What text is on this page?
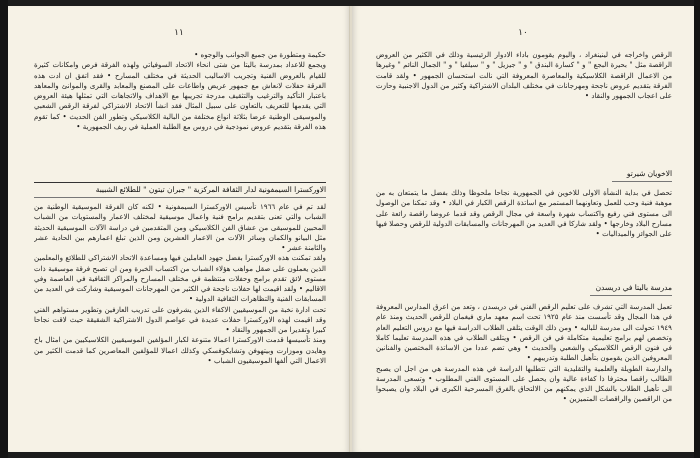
١١

حكيمة ومتطورة من جميع الجوانب والوجوه •

ويجمع للاعداد بمدرسة باليتا من شتى انحاء الاتحاد السوفياتي ولهذه الفرقة فرص وامكانات كثيرة للقيام بالعروض الفنية وتجريب الاساليب الحديثة في مختلف المسارح • فقد اتفق ان ادت هذه الفرقة حفلات لانعاش مع جمهور عريض واطاعات على المصنع والمعابد والقرى والموانئ والمعاهد باعتبار التأكيد والترغيب والتثقيف مدرجة تجريبها مع الاهداف والاتجاهات التي تمثلها هيئة العروض التي يقدمها للتعريف بالتعاون على سبيل المثال فقد انشأ الاتحاد الاشتراكي لفرقة الرقص الشعبي والموسيقى الوطنية عرضا بثلاثة انواع مختلفة من البالية الكلاسيكي وتطور الفن الحديث • كما تقوم هذه الفرقة بتقديم عروض نموذجية في دروس مع الطلبة العملية في ريف الجمهورية •

الاوركسترا السيمفونية لدار الثقافة المركزية " جبران تيتون " للطلائع الشبيبة

لقد تم في عام ١٩٦٦ تأسيس الاوركسترا السيمفونية • لكنه كان الفرقة الموسيقية الوطنية من الشباب والتي تعنى بتقديم برامج فنية واعمال موسيقية لمختلف الاعمار والمستويات من الشباب المحبين للموسيقى من عشاق الفن الكلاسيكي ومن المتقدمين في دراسة الآلات الموسيقية الحديثة مثل البيانو والكمان وسائر الآلات من الاعمار العشرين ومن الذين تبلغ اعمارهم بين الحادية عشر والثامنة عشر •

ولقد تمكنت هذه الاوركسترا بفضل جهود العاملين فيها ومساعدة الاتحاد الاشتراكي للطلائع والمعلمين الذين يعملون على صقل مواهب هؤلاء الشباب من اكتساب الخبرة ومن ان تصبح فرقة موسيقية ذات مستوى لائق تقدم برامج وحفلات منتظمة في مختلف المسارح والمراكز الثقافية في العاصمة وفي الاقاليم • ولقد اقيمت لها حفلات ناجحة في الكثير من المهرجانات الموسيقية وشاركت في العديد من المسابقات الفنية والتظاهرات الثقافية الدولية •

تحت ادارة نخبة من الموسيقيين الاكفاء الذين يشرفون على تدريب العازفين وتطوير مستواهم الفني وقد اقيمت لهذه الاوركسترا حفلات عديدة في عواصم الدول الاشتراكية الشقيقة حيث لاقت نجاحا كبيرا وتقديرا من الجمهور والنقاد •

ومنذ تأسيسها قدمت الاوركسترا اعمالا متنوعة لكبار المؤلفين الموسيقيين الكلاسيكيين من امثال باخ وهايدن وموزارت وبيتهوفن وتشايكوفسكي وكذلك اعمالا للمؤلفين المعاصرين كما قدمت الكثير من الاعمال التي ألفها الموسيقيون الشباب •

١٠

الرقص واخراجه في لينينغراد ، واليوم يقومون باداء الادوار الرئيسية وذلك في الكثير من العروض الراقصة مثل " بحيرة البجع " و " كسارة البندق " و " جيزيل " و " سيلفيا " و " الجمال النائم " وغيرها من الاعمال الراقصة الكلاسيكية والمعاصرة المعروفة التي نالت استحسان الجمهور • ولقد قامت الفرقة بتقديم عروض ناجحة ومهرجانات في مختلف البلدان الاشتراكية وكثير من الدول الاجنبية وحازت على اعجاب الجمهور والنقاد •

الاخويان شيرتو

تحصل في بداية النشأة الاولى للاخوين في الجمهورية نجاحا ملحوظا وذلك بفضل ما يتمتعان به من موهبة فنية وحب للعمل وتعاونهما المستمر مع اساتذة الرقص الكبار في البلاد • وقد تمكنا من الوصول الى مستوى فني رفيع واكتساب شهرة واسعة في مجال الرقص وقد قدما عروضا راقصة رائعة على مسارح البلاد وخارجها • ولقد شاركا في العديد من المهرجانات والمسابقات الدولية للرقص وحصلا فيها على الجوائز والميداليات •

مدرسة باليتا في دريسدن

تعمل المدرسة التي تشرف على تعليم الرقص الفني في دريسدن ، وتعد من اعرق المدارس المعروفة في هذا المجال وقد تأسست منذ عام ١٩٢٥ تحت اسم معهد ماري فيغمان للرقص الحديث ومنذ عام ١٩٤٩ تحولت الى مدرسة للباليه • ومن ذلك الوقت يتلقى الطلاب الدراسة فيها مع دروس التعليم العام وتخصص لهم برامج تعليمية متكاملة في فن الرقص • ويتلقى الطلاب في هذه المدرسة تعليما كاملا في فنون الرقص الكلاسيكي والشعبي والحديث • وهي تضم عددا من الاساتذة المختصين والفنانين المعروفين الذين يقومون بتأهيل الطلبة وتدريبهم •

والدارسة الطويلة والعلمية والتقليدية التي تتطلبها الدراسة في هذه المدرسة هي من اجل ان يصبح الطالب راقصا محترفا ذا كفاءة عالية وان يحصل على المستوى الفني المطلوب • وتسعى المدرسة الى تأهيل الطلاب بالشكل الذي يمكنهم من الالتحاق بالفرق المسرحية الكبرى في البلاد وان يصبحوا من الراقصين والراقصات المتميزين •
